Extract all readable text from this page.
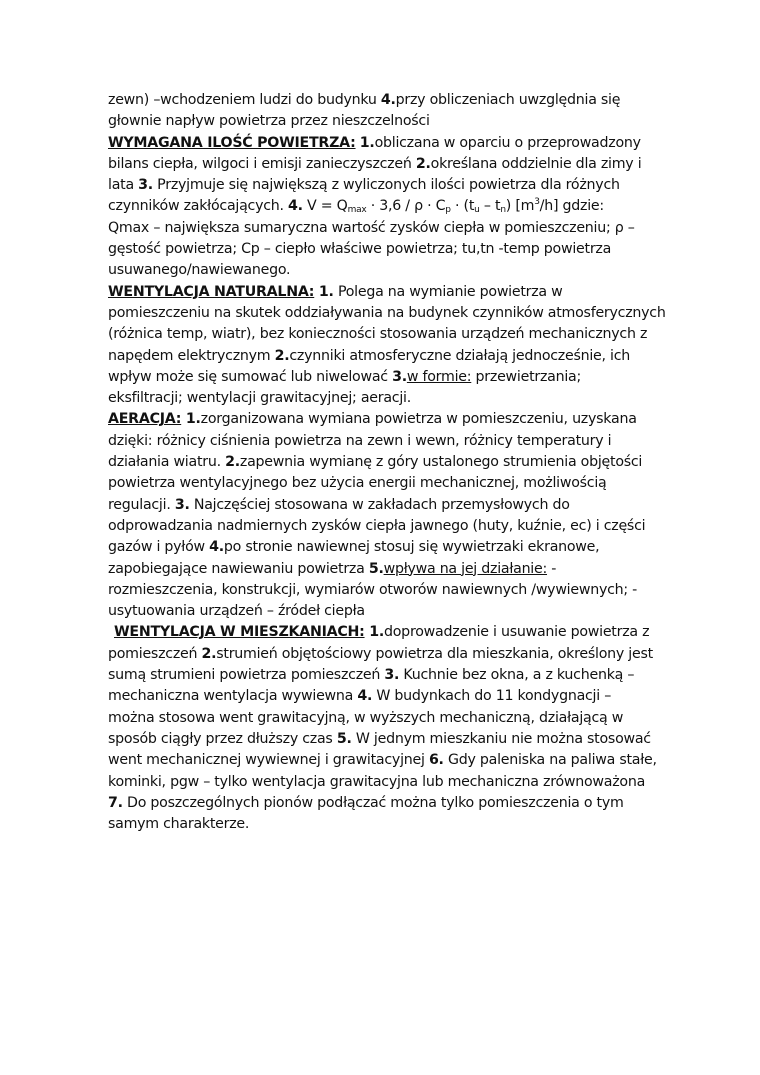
zewn) –wchodzeniem ludzi do budynku 4.przy obliczeniach uwzględnia się
głownie napływ powietrza przez nieszczelności
WYMAGANA ILOŚĆ POWIETRZA: 1.obliczana w oparciu o przeprowadzony
bilans ciepła, wilgoci i emisji zanieczyszczeń 2.określana oddzielnie dla zimy i
lata 3. Przyjmuje się największą z wyliczonych ilości powietrza dla różnych
czynników zakłócających. 4. $V = Q_{max} \cdot 3,6 / \rho \cdot C_p \cdot (t_u - t_n)$ $[m^3/h]$ gdzie:
Qmax – największa sumaryczna wartość zysków ciepła w pomieszczeniu; ρ –
gęstość powietrza; Cp – ciepło właściwe powietrza; tu,tn -temp powietrza
usuwanego/nawiewanego.
WENTYLACJA NATURALNA: 1. Polega na wymianie powietrza w
pomieszczeniu na skutek oddziaływania na budynek czynników atmosferycznych
(różnica temp, wiatr), bez konieczności stosowania urządzeń mechanicznych z
napędem elektrycznym 2.czynniki atmosferyczne działają jednocześnie, ich
wpływ może się sumować lub niwelować 3.w formie: przewietrzania;
eksfiltracji; wentylacji grawitacyjnej; aeracji.
AERACJA: 1.zorganizowana wymiana powietrza w pomieszczeniu, uzyskana
dzięki: różnicy ciśnienia powietrza na zewn i wewn, różnicy temperatury i
działania wiatru. 2.zapewnia wymianę z góry ustalonego strumienia objętości
powietrza wentylacyjnego bez użycia energii mechanicznej, możliwością
regulacji. 3. Najczęściej stosowana w zakładach przemysłowych do
odprowadzania nadmiernych zysków ciepła jawnego (huty, kuźnie, ec) i części
gazów i pyłów 4.po stronie nawiewnej stosuj się wywietrzaki ekranowe,
zapobiegające nawiewaniu powietrza 5.wpływa na jej działanie: -
rozmieszczenia, konstrukcji, wymiarów otworów nawiewnych /wywiewnych; -
usytuowania urządzeń – źródeł ciepła
WENTYLACJA W MIESZKANIACH: 1.doprowadzenie i usuwanie powietrza z
pomieszczeń 2.strumień objętościowy powietrza dla mieszkania, określony jest
sumą strumieni powietrza pomieszczeń 3. Kuchnie bez okna, a z kuchenką –
mechaniczna wentylacja wywiewna 4. W budynkach do 11 kondygnacji –
można stosowa went grawitacyjną, w wyższych mechaniczną, działającą w
sposób ciągły przez dłuższy czas 5. W jednym mieszkaniu nie można stosować
went mechanicznej wywiewnej i grawitacyjnej 6. Gdy paleniska na paliwa stałe,
kominki, pgw – tylko wentylacja grawitacyjna lub mechaniczna zrównoważona
7. Do poszczególnych pionów podłączać można tylko pomieszczenia o tym
samym charakterze.
